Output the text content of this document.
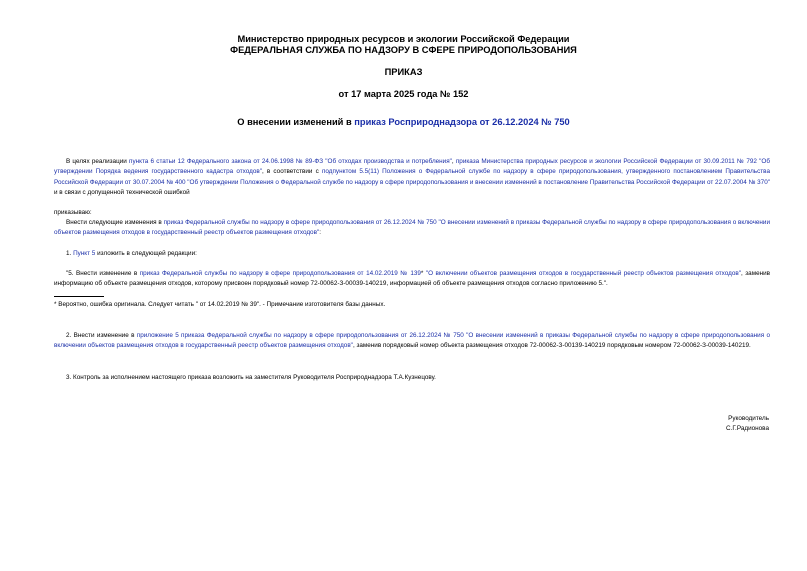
Министерство природных ресурсов и экологии Российской Федерации
ФЕДЕРАЛЬНАЯ СЛУЖБА ПО НАДЗОРУ В СФЕРЕ ПРИРОДОПОЛЬЗОВАНИЯ
ПРИКАЗ
от 17 марта 2025 года № 152
О внесении изменений в приказ Росприроднадзора от 26.12.2024 № 750
В целях реализации пункта 6 статьи 12 Федерального закона от 24.06.1998 № 89-ФЗ "Об отходах производства и потребления", приказа Министерства природных ресурсов и экологии Российской Федерации от 30.09.2011 № 792 "Об утверждении Порядка ведения государственного кадастра отходов", в соответствии с подпунктом 5.5(11) Положения о Федеральной службе по надзору в сфере природопользования, утвержденного постановлением Правительства Российской Федерации от 30.07.2004 № 400 "Об утверждении Положения о Федеральной службе по надзору в сфере природопользования и внесении изменений в постановление Правительства Российской Федерации от 22.07.2004 № 370" и в связи с допущенной технической ошибкой
приказываю:
Внести следующие изменения в приказ Федеральной службы по надзору в сфере природопользования от 26.12.2024 № 750 "О внесении изменений в приказы Федеральной службы по надзору в сфере природопользования о включении объектов размещения отходов в государственный реестр объектов размещения отходов":
1. Пункт 5 изложить в следующей редакции:
"5. Внести изменение в приказ Федеральной службы по надзору в сфере природопользования от 14.02.2019 № 139* "О включении объектов размещения отходов в государственный реестр объектов размещения отходов", заменив информацию об объекте размещения отходов, которому присвоен порядковый номер 72-00062-З-00039-140219, информацией об объекте размещения отходов согласно приложению 5.".
* Вероятно, ошибка оригинала. Следует читать " от 14.02.2019 № 39". - Примечание изготовителя базы данных.
2. Внести изменение в приложение 5 приказа Федеральной службы по надзору в сфере природопользования от 26.12.2024 № 750 "О внесении изменений в приказы Федеральной службы по надзору в сфере природопользования о включении объектов размещения отходов в государственный реестр объектов размещения отходов", заменив порядковый номер объекта размещения отходов 72-00062-З-00139-140219 порядковым номером 72-00062-З-00039-140219.
3. Контроль за исполнением настоящего приказа возложить на заместителя Руководителя Росприроднадзора Т.А.Кузнецову.
Руководитель
С.Г.Радионова
